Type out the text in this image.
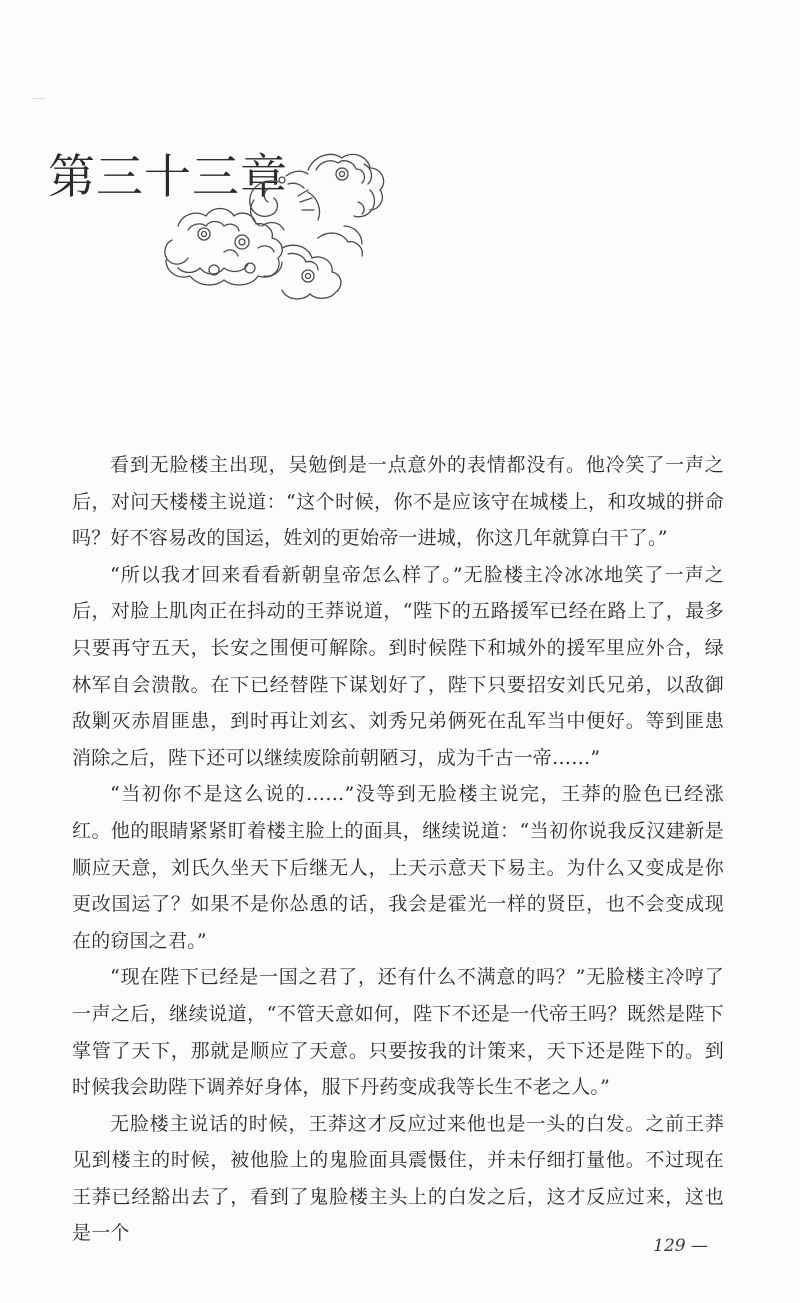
第三十三章

看到无脸楼主出现，吴勉倒是一点意外的表情都没有。他冷笑了一声之后，对问天楼楼主说道：“这个时候，你不是应该守在城楼上，和攻城的拼命吗？好不容易改的国运，姓刘的更始帝一进城，你这几年就算白干了。”

“所以我才回来看看新朝皇帝怎么样了。”无脸楼主冷冰冰地笑了一声之后，对脸上肌肉正在抖动的王莽说道，“陛下的五路援军已经在路上了，最多只要再守五天，长安之围便可解除。到时候陛下和城外的援军里应外合，绿林军自会溃散。在下已经替陛下谋划好了，陛下只要招安刘氏兄弟，以敌御敌剿灭赤眉匪患，到时再让刘玄、刘秀兄弟俩死在乱军当中便好。等到匪患消除之后，陛下还可以继续废除前朝陋习，成为千古一帝……”

“当初你不是这么说的……”没等到无脸楼主说完，王莽的脸色已经涨红。他的眼睛紧紧盯着楼主脸上的面具，继续说道：“当初你说我反汉建新是顺应天意，刘氏久坐天下后继无人，上天示意天下易主。为什么又变成是你更改国运了？如果不是你怂恿的话，我会是霍光一样的贤臣，也不会变成现在的窃国之君。”

“现在陛下已经是一国之君了，还有什么不满意的吗？”无脸楼主冷哼了一声之后，继续说道，“不管天意如何，陛下不还是一代帝王吗？既然是陛下掌管了天下，那就是顺应了天意。只要按我的计策来，天下还是陛下的。到时候我会助陛下调养好身体，服下丹药变成我等长生不老之人。”

无脸楼主说话的时候，王莽这才反应过来他也是一头的白发。之前王莽见到楼主的时候，被他脸上的鬼脸面具震慑住，并未仔细打量他。不过现在王莽已经豁出去了，看到了鬼脸楼主头上的白发之后，这才反应过来，这也是一个

129 —
